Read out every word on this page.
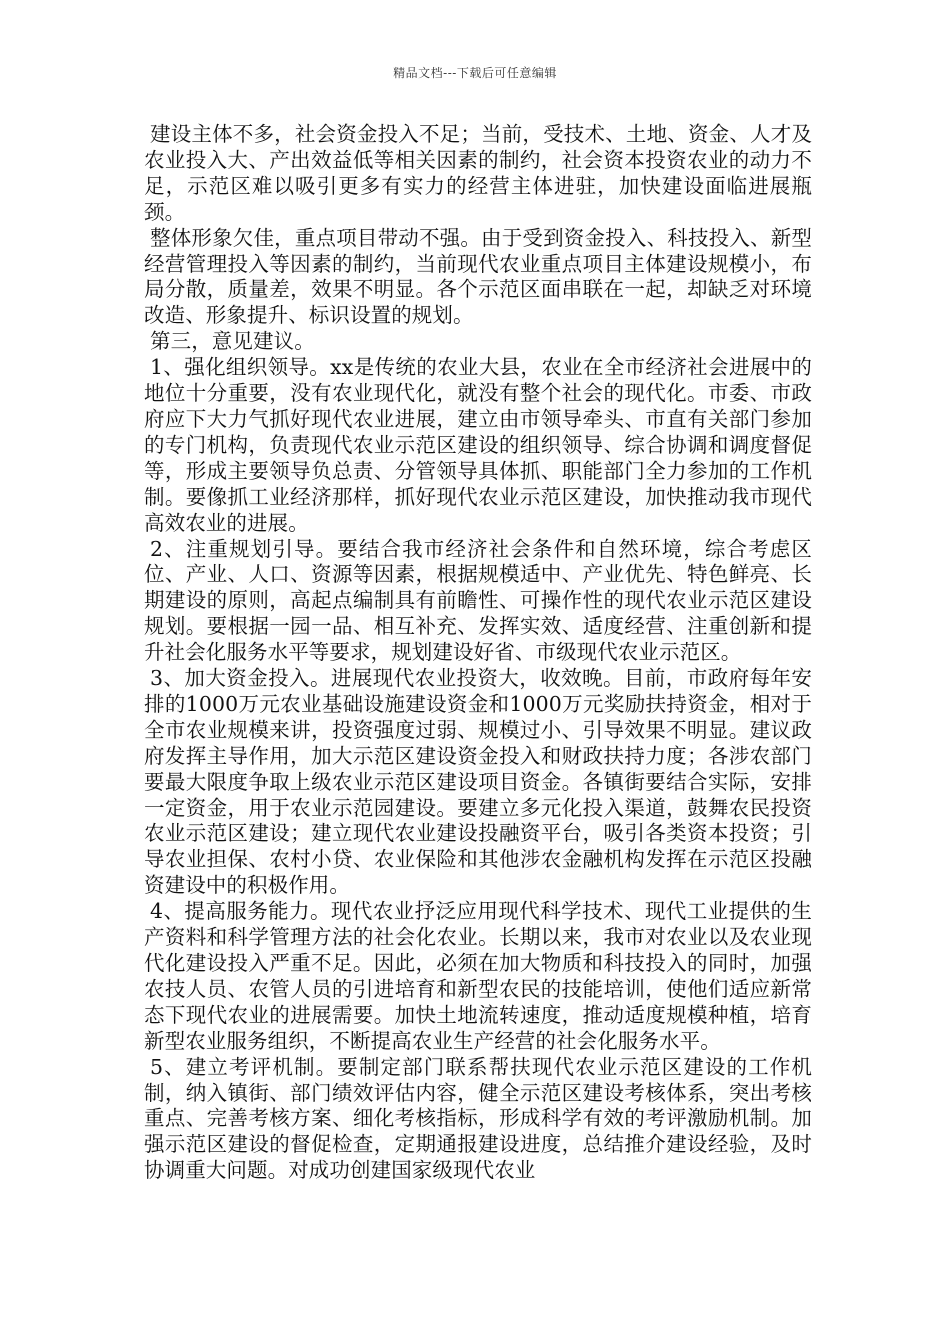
精品文档---下载后可任意编辑

建设主体不多，社会资金投入不足；当前，受技术、土地、资金、人才及农业投入大、产出效益低等相关因素的制约，社会资本投资农业的动力不足，示范区难以吸引更多有实力的经营主体进驻，加快建设面临进展瓶颈。

整体形象欠佳，重点项目带动不强。由于受到资金投入、科技投入、新型经营管理投入等因素的制约，当前现代农业重点项目主体建设规模小，布局分散，质量差，效果不明显。各个示范区面串联在一起，却缺乏对环境改造、形象提升、标识设置的规划。

第三，意见建议。

1、强化组织领导。xx是传统的农业大县，农业在全市经济社会进展中的地位十分重要，没有农业现代化，就没有整个社会的现代化。市委、市政府应下大力气抓好现代农业进展，建立由市领导牵头、市直有关部门参加的专门机构，负责现代农业示范区建设的组织领导、综合协调和调度督促等，形成主要领导负总责、分管领导具体抓、职能部门全力参加的工作机制。要像抓工业经济那样，抓好现代农业示范区建设，加快推动我市现代高效农业的进展。

2、注重规划引导。要结合我市经济社会条件和自然环境，综合考虑区位、产业、人口、资源等因素，根据规模适中、产业优先、特色鲜亮、长期建设的原则，高起点编制具有前瞻性、可操作性的现代农业示范区建设规划。要根据一园一品、相互补充、发挥实效、适度经营、注重创新和提升社会化服务水平等要求，规划建设好省、市级现代农业示范区。

3、加大资金投入。进展现代农业投资大，收效晚。目前，市政府每年安排的1000万元农业基础设施建设资金和1000万元奖励扶持资金，相对于全市农业规模来讲，投资强度过弱、规模过小、引导效果不明显。建议政府发挥主导作用，加大示范区建设资金投入和财政扶持力度；各涉农部门要最大限度争取上级农业示范区建设项目资金。各镇街要结合实际，安排一定资金，用于农业示范园建设。要建立多元化投入渠道，鼓舞农民投资农业示范区建设；建立现代农业建设投融资平台，吸引各类资本投资；引导农业担保、农村小贷、农业保险和其他涉农金融机构发挥在示范区投融资建设中的积极作用。

4、提高服务能力。现代农业抒泛应用现代科学技术、现代工业提供的生产资料和科学管理方法的社会化农业。长期以来，我市对农业以及农业现代化建设投入严重不足。因此，必须在加大物质和科技投入的同时，加强农技人员、农管人员的引进培育和新型农民的技能培训，使他们适应新常态下现代农业的进展需要。加快土地流转速度，推动适度规模种植，培育新型农业服务组织，不断提高农业生产经营的社会化服务水平。

5、建立考评机制。要制定部门联系帮扶现代农业示范区建设的工作机制，纳入镇街、部门绩效评估内容，健全示范区建设考核体系，突出考核重点、完善考核方案、细化考核指标，形成科学有效的考评激励机制。加强示范区建设的督促检查，定期通报建设进度，总结推介建设经验，及时协调重大问题。对成功创建国家级现代农业
